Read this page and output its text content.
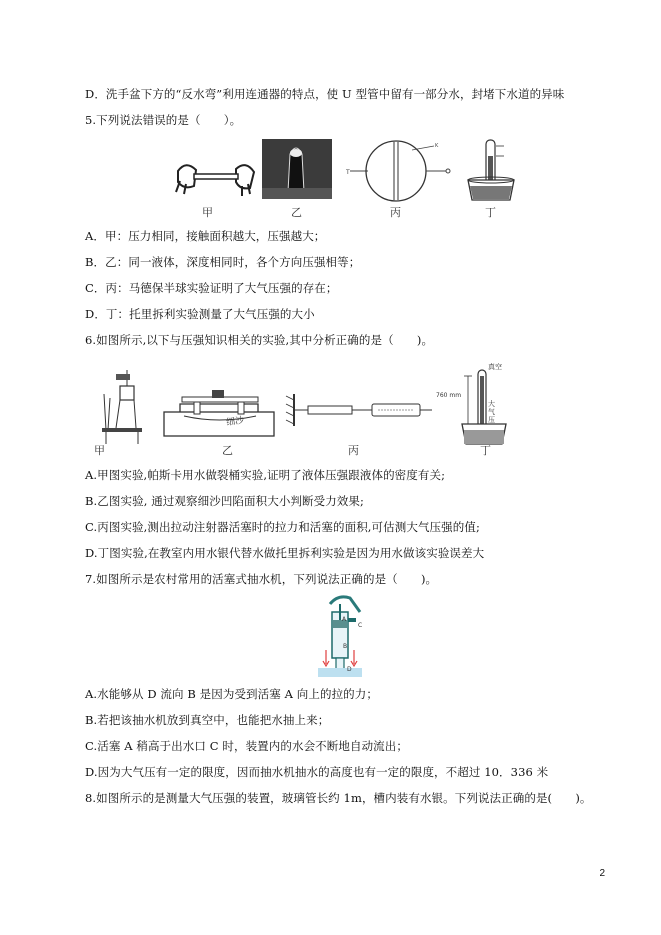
D．洗手盆下方的“反水弯”利用连通器的特点，使 U 型管中留有一部分水，封堵下水道的异味
5.下列说法错误的是（　　）。
T
K
甲	乙	丙	丁
A．甲：压力相同，接触面积越大，压强越大；
B．乙：同一液体，深度相同时，各个方向压强相等；
C．丙：马德保半球实验证明了大气压强的存在；
D．丁：托里拆利实验测量了大气压强的大小
6.如图所示,以下与压强知识相关的实验,其中分析正确的是（　　)。
细沙
760 mm
真空
大气压
甲	乙	丙	丁
A.甲图实验,帕斯卡用水做裂桶实验,证明了液体压强跟液体的密度有关;
B.乙图实验, 通过观察细沙凹陷面积大小判断受力效果;
C.丙图实验,测出拉动注射器活塞时的拉力和活塞的面积,可估测大气压强的值;
D.丁图实验,在教室内用水银代替水做托里拆利实验是因为用水做该实验误差大
7.如图所示是农村常用的活塞式抽水机，下列说法正确的是（　　)。
A
B
C
D
A.水能够从 D 流向 B 是因为受到活塞 A 向上的拉的力；
B.若把该抽水机放到真空中，也能把水抽上来；
C.活塞 A 稍高于出水口 C 时，装置内的水会不断地自动流出；
D.因为大气压有一定的限度，因而抽水机抽水的高度也有一定的限度，不超过 10．336 米
8.如图所示的是测量大气压强的装置，玻璃管长约 1m，槽内装有水银。下列说法正确的是(　　)。
2
